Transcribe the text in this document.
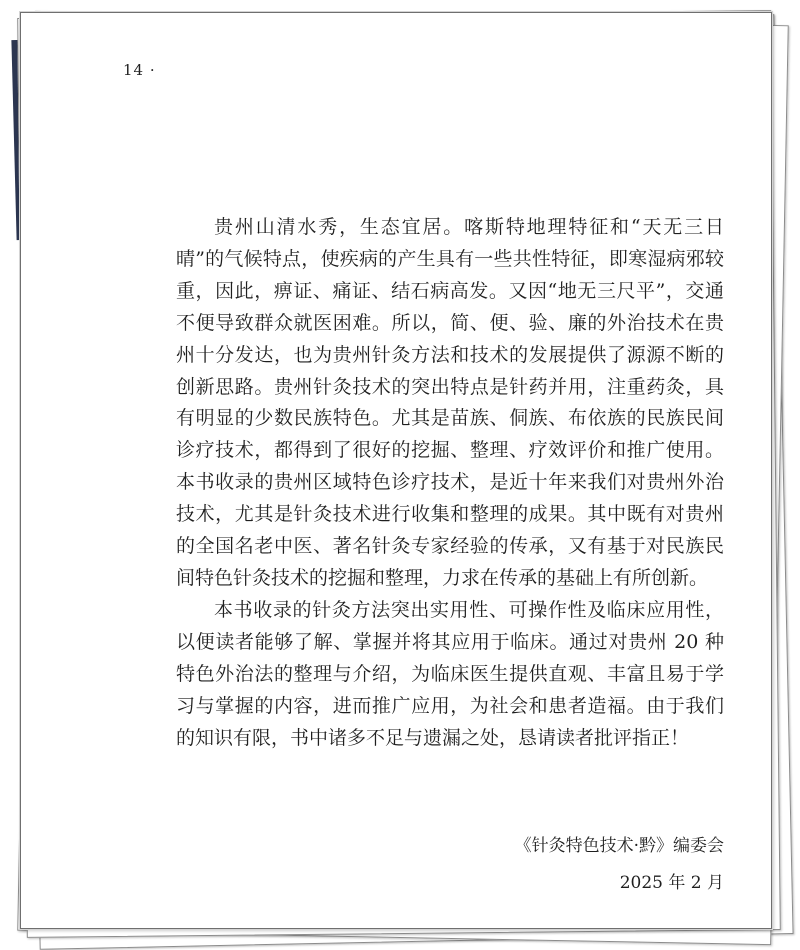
14 ·

贵州山清水秀，生态宜居。喀斯特地理特征和“天无三日晴”的气候特点，使疾病的产生具有一些共性特征，即寒湿病邪较重，因此，痹证、痛证、结石病高发。又因“地无三尺平”，交通不便导致群众就医困难。所以，简、便、验、廉的外治技术在贵州十分发达，也为贵州针灸方法和技术的发展提供了源源不断的创新思路。贵州针灸技术的突出特点是针药并用，注重药灸，具有明显的少数民族特色。尤其是苗族、侗族、布依族的民族民间诊疗技术，都得到了很好的挖掘、整理、疗效评价和推广使用。本书收录的贵州区域特色诊疗技术，是近十年来我们对贵州外治技术，尤其是针灸技术进行收集和整理的成果。其中既有对贵州的全国名老中医、著名针灸专家经验的传承，又有基于对民族民间特色针灸技术的挖掘和整理，力求在传承的基础上有所创新。

本书收录的针灸方法突出实用性、可操作性及临床应用性，以便读者能够了解、掌握并将其应用于临床。通过对贵州 20 种特色外治法的整理与介绍，为临床医生提供直观、丰富且易于学习与掌握的内容，进而推广应用，为社会和患者造福。由于我们的知识有限，书中诸多不足与遗漏之处，恳请读者批评指正！

《针灸特色技术·黔》编委会
2025 年 2 月
